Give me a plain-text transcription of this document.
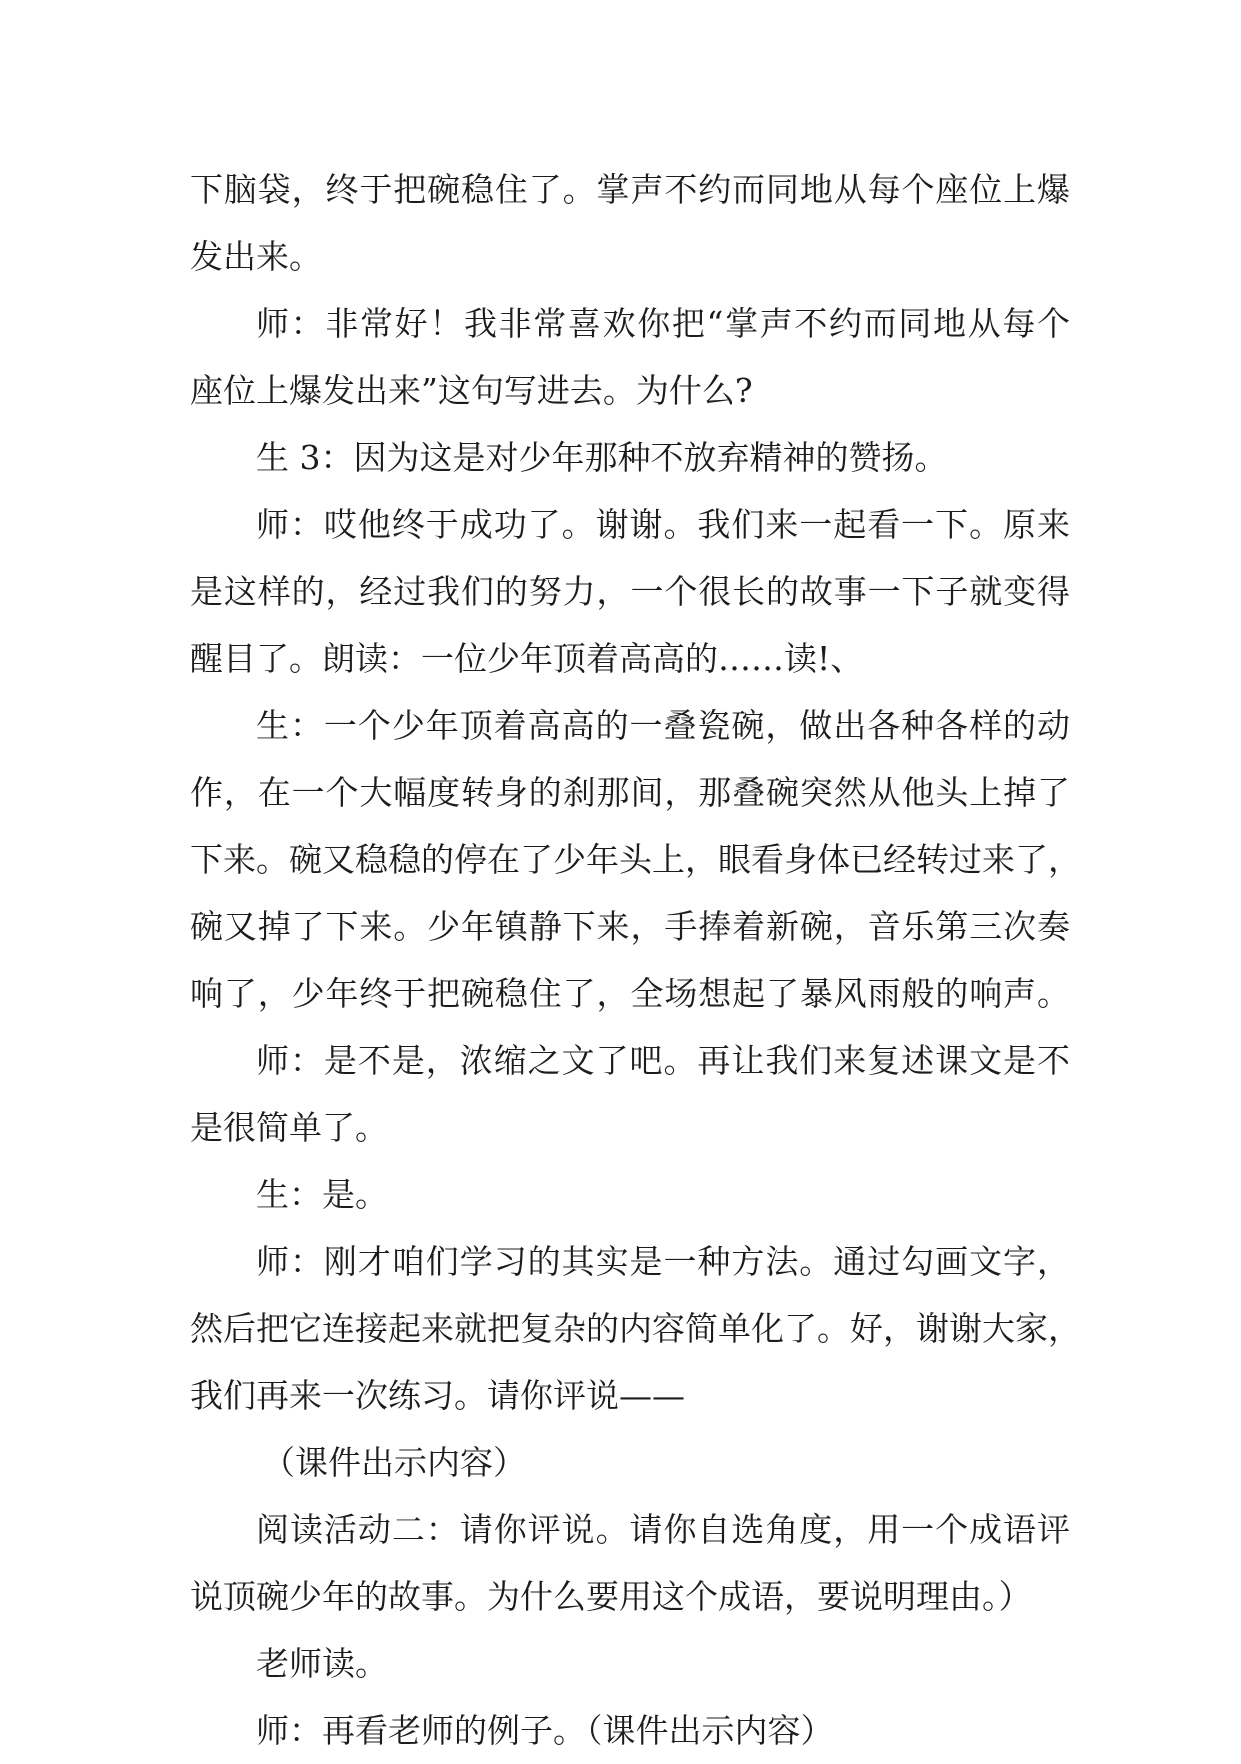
下脑袋，终于把碗稳住了。掌声不约而同地从每个座位上爆
发出来。
师：非常好！我非常喜欢你把“掌声不约而同地从每个
座位上爆发出来”这句写进去。为什么?
生 3：因为这是对少年那种不放弃精神的赞扬。
师：哎他终于成功了。谢谢。我们来一起看一下。原来
是这样的，经过我们的努力，一个很长的故事一下子就变得
醒目了。朗读：一位少年顶着高高的……读!、
生：一个少年顶着高高的一叠瓷碗，做出各种各样的动
作，在一个大幅度转身的刹那间，那叠碗突然从他头上掉了
下来。碗又稳稳的停在了少年头上，眼看身体已经转过来了，
碗又掉了下来。少年镇静下来，手捧着新碗，音乐第三次奏
响了，少年终于把碗稳住了，全场想起了暴风雨般的响声。
师：是不是，浓缩之文了吧。再让我们来复述课文是不
是很简单了。
生：是。
师：刚才咱们学习的其实是一种方法。通过勾画文字，
然后把它连接起来就把复杂的内容简单化了。好，谢谢大家，
我们再来一次练习。请你评说——
（课件出示内容）
阅读活动二：请你评说。请你自选角度，用一个成语评
说顶碗少年的故事。为什么要用这个成语，要说明理由。）
老师读。
师：再看老师的例子。（课件出示内容）
